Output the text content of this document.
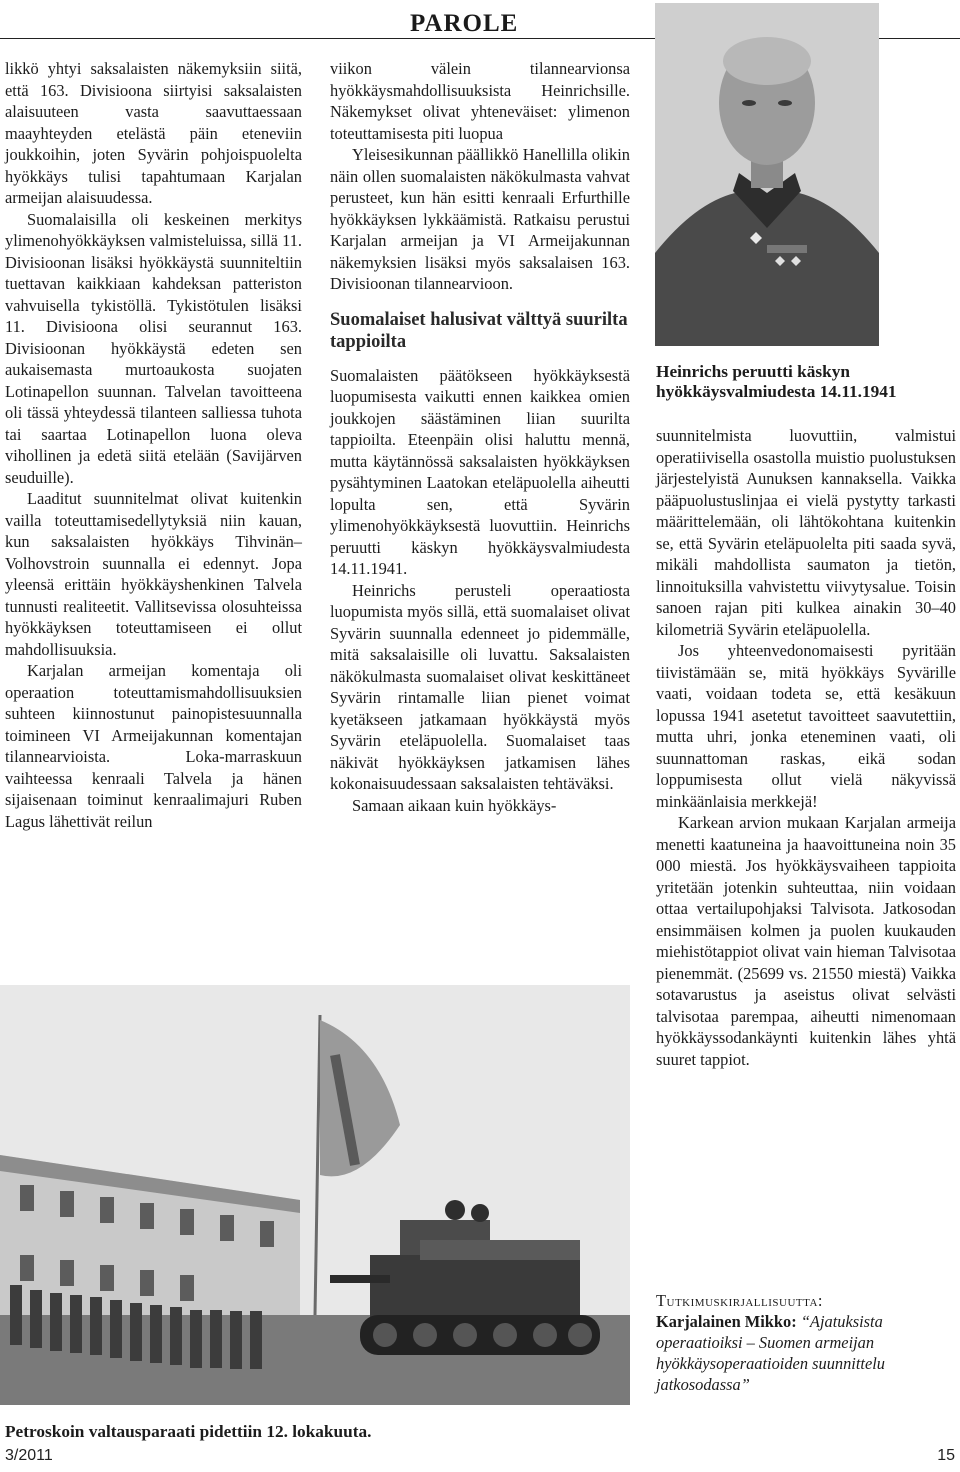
PAROLE

likkö yhtyi saksalaisten näkemyksiin siitä, että 163. Divisioona siirtyisi saksalaisten alaisuuteen vasta saavuttaessaan maayhteyden etelästä päin eteneviin joukkoihin, joten Syvärin pohjoispuolelta hyökkäys tulisi tapahtumaan Karjalan armeijan alaisuudessa.

Suomalaisilla oli keskeinen merkitys ylimenohyökkäyksen valmisteluissa, sillä 11. Divisioonan lisäksi hyökkäystä suunniteltiin tuettavan kaikkiaan kahdeksan patteriston vahvuisella tykistöllä. Tykistötulen lisäksi 11. Divisioona olisi seurannut 163. Divisioonan hyökkäystä edeten sen aukaisemasta murtoaukosta suojaten Lotinapellon suunnan. Talvelan tavoitteena oli tässä yhteydessä tilanteen salliessa tuhota tai saartaa Lotinapellon luona oleva vihollinen ja edetä siitä etelään (Savijärven seuduille).

Laaditut suunnitelmat olivat kuitenkin vailla toteuttamisedellytyksiä niin kauan, kun saksalaisten hyökkäys Tihvinän–Volhovstroin suunnalla ei edennyt. Jopa yleensä erittäin hyökkäyshenkinen Talvela tunnusti realiteetit. Vallitsevissa olosuhteissa hyökkäyksen toteuttamiseen ei ollut mahdollisuuksia.

Karjalan armeijan komentaja oli operaation toteuttamismahdollisuuksien suhteen kiinnostunut painopistesuunnalla toimineen VI Armeijakunnan komentajan tilannearvioista. Loka-marraskuun vaihteessa kenraali Talvela ja hänen sijaisenaan toiminut kenraalimajuri Ruben Lagus lähettivät reilun

viikon välein tilannearvionsa hyökkäysmahdollisuuksista Heinrichsille. Näkemykset olivat yhteneväiset: ylimenon toteuttamisesta piti luopua

Yleisesikunnan päällikkö Hanellilla olikin näin ollen suomalaisten näkökulmasta vahvat perusteet, kun hän esitti kenraali Erfurthille hyökkäyksen lykkäämistä. Ratkaisu perustui Karjalan armeijan ja VI Armeijakunnan näkemyksien lisäksi myös saksalaisen 163. Divisioonan tilannearvioon.

Suomalaiset halusivat välttyä suurilta tappioilta

Suomalaisten päätökseen hyökkäyksestä luopumisesta vaikutti ennen kaikkea omien joukkojen säästäminen liian suurilta tappioilta. Eteenpäin olisi haluttu mennä, mutta käytännössä saksalaisten hyökkäyksen pysähtyminen Laatokan eteläpuolella aiheutti lopulta sen, että Syvärin ylimenohyökkäyksestä luovuttiin. Heinrichs peruutti käskyn hyökkäysvalmiudesta 14.11.1941.

Heinrichs perusteli operaatiosta luopumista myös sillä, että suomalaiset olivat Syvärin suunnalla edenneet jo pidemmälle, mitä saksalaisille oli luvattu. Saksalaisten näkökulmasta suomalaiset olivat keskittäneet Syvärin rintamalle liian pienet voimat kyetäkseen jatkamaan hyökkäystä myös Syvärin eteläpuolella. Suomalaiset taas näkivät hyökkäyksen jatkamisen lähes kokonaisuudessaan saksalaisten tehtäväksi.

Samaan aikaan kuin hyökkäys-

Heinrichs peruutti käskyn hyökkäysvalmiudesta 14.11.1941

suunnitelmista luovuttiin, valmistui operatiivisella osastolla muistio puolustuksen järjestelyistä Aunuksen kannaksella. Vaikka pääpuolustuslinjaa ei vielä pystytty tarkasti määrittelemään, oli lähtökohtana kuitenkin se, että Syvärin eteläpuolelta piti saada syvä, mikäli mahdollista saumaton ja tietön, linnoituksilla vahvistettu viivytysalue. Toisin sanoen rajan piti kulkea ainakin 30–40 kilometriä Syvärin eteläpuolella.

Jos yhteenvedonomaisesti pyritään tiivistämään se, mitä hyökkäys Syvärille vaati, voidaan todeta se, että kesäkuun lopussa 1941 asetetut tavoitteet saavutettiin, mutta uhri, jonka eteneminen vaati, oli suunnattoman raskas, eikä sodan loppumisesta ollut vielä näkyvissä minkäänlaisia merkkejä!

Karkean arvion mukaan Karjalan armeija menetti kaatuneina ja haavoittuneina noin 35 000 miestä. Jos hyökkäysvaiheen tappioita yritetään jotenkin suhteuttaa, niin voidaan ottaa vertailupohjaksi Talvisota. Jatkosodan ensimmäisen kolmen ja puolen kuukauden miehistötappiot olivat vain hieman Talvisotaa pienemmät. (25699 vs. 21550 miestä) Vaikka sotavarustus ja aseistus olivat selvästi talvisotaa parempaa, aiheutti nimenomaan hyökkäyssodankäynti kuitenkin lähes yhtä suuret tappiot.

Petroskoin valtausparaati pidettiin 12. lokakuuta.
Tutkimuskirjallisuutta:
Karjalainen Mikko: “Ajatuksista operaatioiksi – Suomen armeijan hyökkäysoperaatioiden suunnittelu jatkosodassa”
3/2011	15
